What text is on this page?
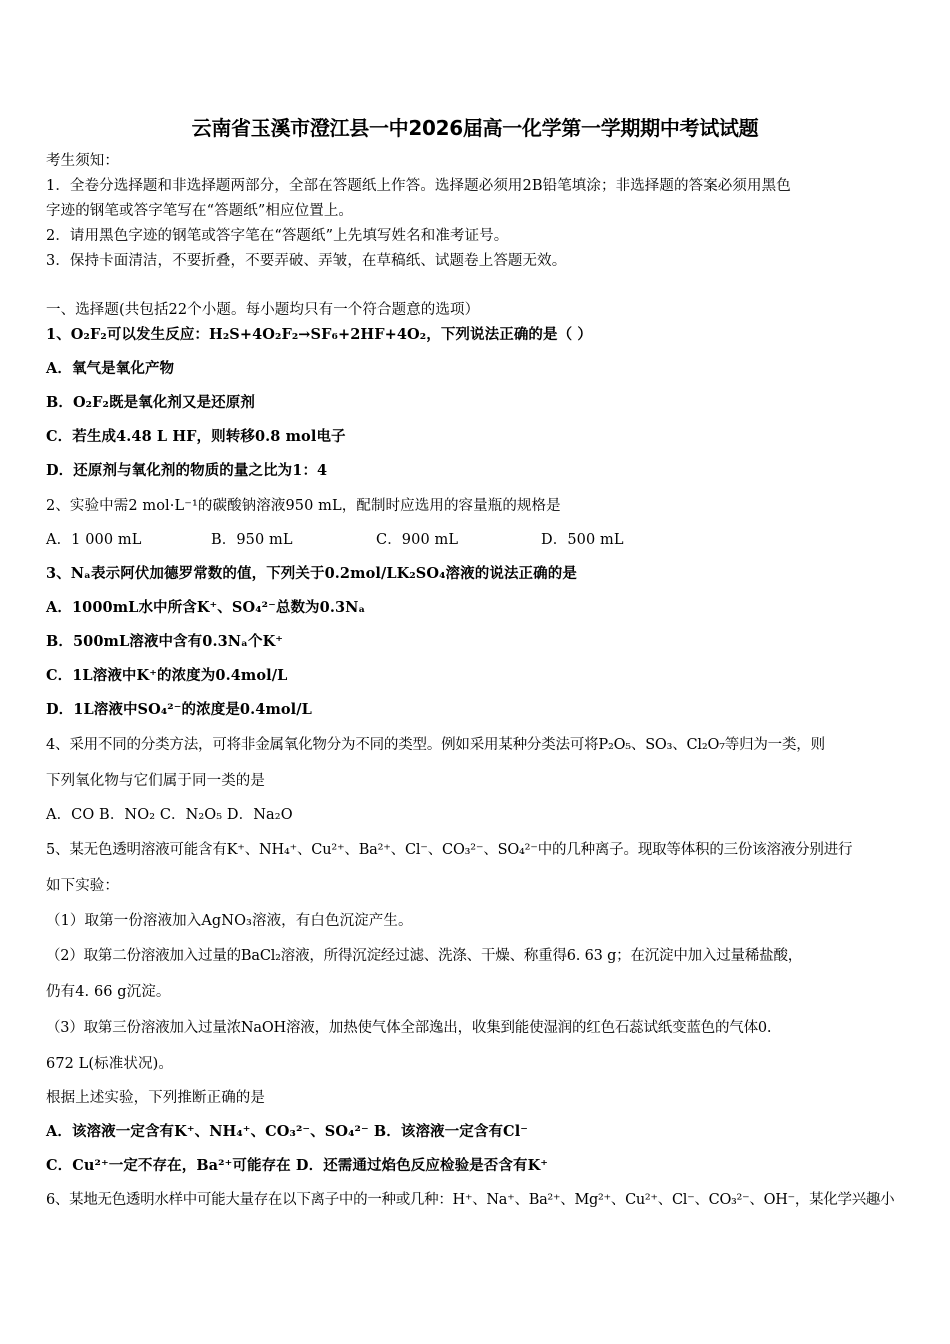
云南省玉溪市澄江县一中2026届高一化学第一学期期中考试试题
考生须知：
1．全卷分选择题和非选择题两部分，全部在答题纸上作答。选择题必须用2B铅笔填涂；非选择题的答案必须用黑色
字迹的钢笔或答字笔写在“答题纸”相应位置上。
2．请用黑色字迹的钢笔或答字笔在“答题纸”上先填写姓名和准考证号。
3．保持卡面清洁，不要折叠，不要弄破、弄皱，在草稿纸、试题卷上答题无效。
一、选择题(共包括22个小题。每小题均只有一个符合题意的选项）
1、O₂F₂可以发生反应：H₂S+4O₂F₂→SF₆+2HF+4O₂，下列说法正确的是（ ）
A．氧气是氧化产物
B．O₂F₂既是氧化剂又是还原剂
C．若生成4.48 L HF，则转移0.8 mol电子
D．还原剂与氧化剂的物质的量之比为1：4
2、实验中需2 mol·L⁻¹的碳酸钠溶液950 mL，配制时应选用的容量瓶的规格是
A．1 000 mL	B．950 mL	C．900 mL	D．500 mL
3、Nₐ表示阿伏加德罗常数的值，下列关于0.2mol/LK₂SO₄溶液的说法正确的是
A．1000mL水中所含K⁺、SO₄²⁻总数为0.3Nₐ
B．500mL溶液中含有0.3Nₐ个K⁺
C．1L溶液中K⁺的浓度为0.4mol/L
D．1L溶液中SO₄²⁻的浓度是0.4mol/L
4、采用不同的分类方法，可将非金属氧化物分为不同的类型。例如采用某种分类法可将P₂O₅、SO₃、Cl₂O₇等归为一类，则
下列氧化物与它们属于同一类的是
A．CO B．NO₂ C．N₂O₅ D．Na₂O
5、某无色透明溶液可能含有K⁺、NH₄⁺、Cu²⁺、Ba²⁺、Cl⁻、CO₃²⁻、SO₄²⁻中的几种离子。现取等体积的三份该溶液分别进行
如下实验：
（1）取第一份溶液加入AgNO₃溶液，有白色沉淀产生。
（2）取第二份溶液加入过量的BaCl₂溶液，所得沉淀经过滤、洗涤、干燥、称重得6. 63 g；在沉淀中加入过量稀盐酸，
仍有4. 66 g沉淀。
（3）取第三份溶液加入过量浓NaOH溶液，加热使气体全部逸出，收集到能使湿润的红色石蕊试纸变蓝色的气体0.
672 L(标准状况)。
根据上述实验，下列推断正确的是
A．该溶液一定含有K⁺、NH₄⁺、CO₃²⁻、SO₄²⁻ B．该溶液一定含有Cl⁻
C．Cu²⁺一定不存在，Ba²⁺可能存在 D．还需通过焰色反应检验是否含有K⁺
6、某地无色透明水样中可能大量存在以下离子中的一种或几种：H⁺、Na⁺、Ba²⁺、Mg²⁺、Cu²⁺、Cl⁻、CO₃²⁻、OH⁻，某化学兴趣小
